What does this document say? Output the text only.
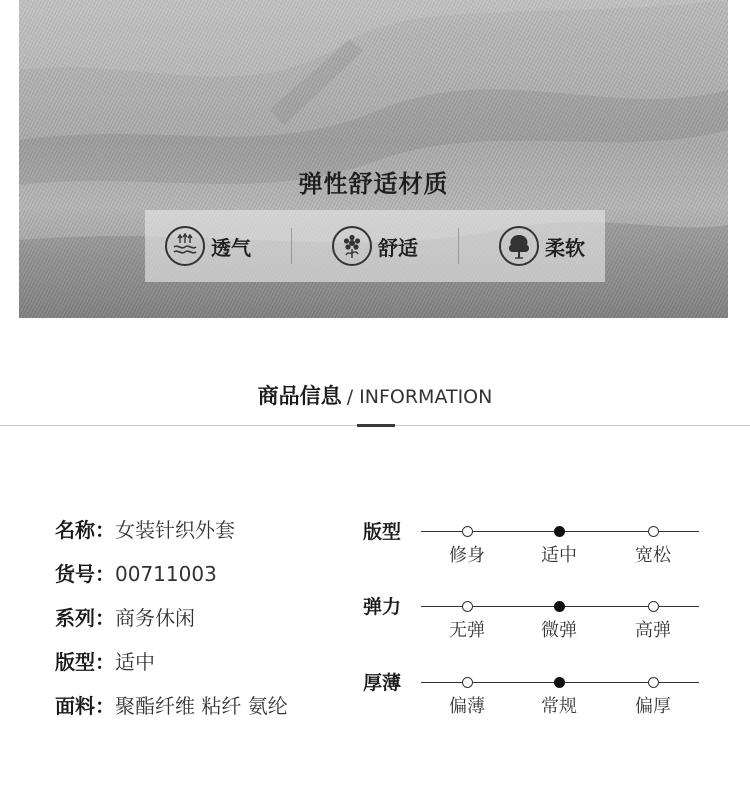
弹性舒适材质
透气	舒适	柔软
商品信息 / INFORMATION
名称：女装针织外套
货号：00711003
系列：商务休闲
版型：适中
面料：聚酯纤维 粘纤 氨纶
版型
修身	适中	宽松
弹力
无弹	微弹	高弹
厚薄
偏薄	常规	偏厚
